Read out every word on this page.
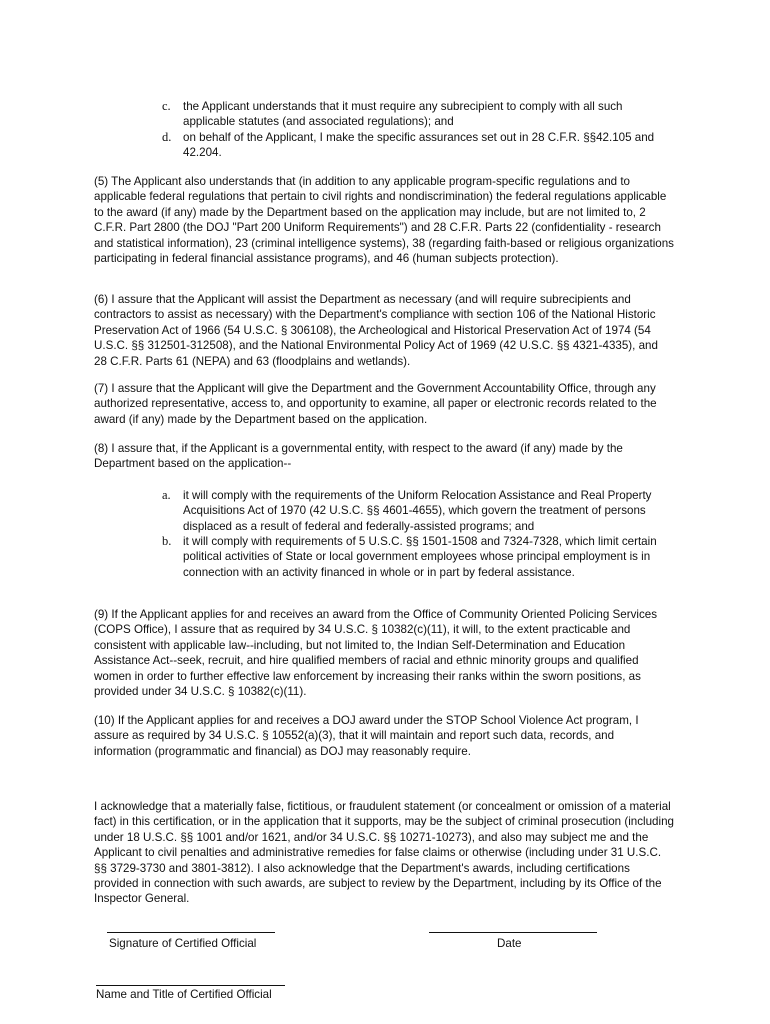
c. the Applicant understands that it must require any subrecipient to comply with all such applicable statutes (and associated regulations); and
d. on behalf of the Applicant, I make the specific assurances set out in 28 C.F.R. §§42.105 and 42.204.

(5) The Applicant also understands that (in addition to any applicable program-specific regulations and to applicable federal regulations that pertain to civil rights and nondiscrimination) the federal regulations applicable to the award (if any) made by the Department based on the application may include, but are not limited to, 2 C.F.R. Part 2800 (the DOJ "Part 200 Uniform Requirements") and 28 C.F.R. Parts 22 (confidentiality - research and statistical information), 23 (criminal intelligence systems), 38 (regarding faith-based or religious organizations participating in federal financial assistance programs), and 46 (human subjects protection).

(6) I assure that the Applicant will assist the Department as necessary (and will require subrecipients and contractors to assist as necessary) with the Department's compliance with section 106 of the National Historic Preservation Act of 1966 (54 U.S.C. § 306108), the Archeological and Historical Preservation Act of 1974 (54 U.S.C. §§ 312501-312508), and the National Environmental Policy Act of 1969 (42 U.S.C. §§ 4321-4335), and 28 C.F.R. Parts 61 (NEPA) and 63 (floodplains and wetlands).

(7) I assure that the Applicant will give the Department and the Government Accountability Office, through any authorized representative, access to, and opportunity to examine, all paper or electronic records related to the award (if any) made by the Department based on the application.

(8) I assure that, if the Applicant is a governmental entity, with respect to the award (if any) made by the Department based on the application--

a. it will comply with the requirements of the Uniform Relocation Assistance and Real Property Acquisitions Act of 1970 (42 U.S.C. §§ 4601-4655), which govern the treatment of persons displaced as a result of federal and federally-assisted programs; and
b. it will comply with requirements of 5 U.S.C. §§ 1501-1508 and 7324-7328, which limit certain political activities of State or local government employees whose principal employment is in connection with an activity financed in whole or in part by federal assistance.

(9) If the Applicant applies for and receives an award from the Office of Community Oriented Policing Services (COPS Office), I assure that as required by 34 U.S.C. § 10382(c)(11), it will, to the extent practicable and consistent with applicable law--including, but not limited to, the Indian Self-Determination and Education Assistance Act--seek, recruit, and hire qualified members of racial and ethnic minority groups and qualified women in order to further effective law enforcement by increasing their ranks within the sworn positions, as provided under 34 U.S.C. § 10382(c)(11).

(10) If the Applicant applies for and receives a DOJ award under the STOP School Violence Act program, I assure as required by 34 U.S.C. § 10552(a)(3), that it will maintain and report such data, records, and information (programmatic and financial) as DOJ may reasonably require.

I acknowledge that a materially false, fictitious, or fraudulent statement (or concealment or omission of a material fact) in this certification, or in the application that it supports, may be the subject of criminal prosecution (including under 18 U.S.C. §§ 1001 and/or 1621, and/or 34 U.S.C. §§ 10271-10273), and also may subject me and the Applicant to civil penalties and administrative remedies for false claims or otherwise (including under 31 U.S.C. §§ 3729-3730 and 3801-3812). I also acknowledge that the Department's awards, including certifications provided in connection with such awards, are subject to review by the Department, including by its Office of the Inspector General.

Signature of Certified Official	Date
Name and Title of Certified Official
